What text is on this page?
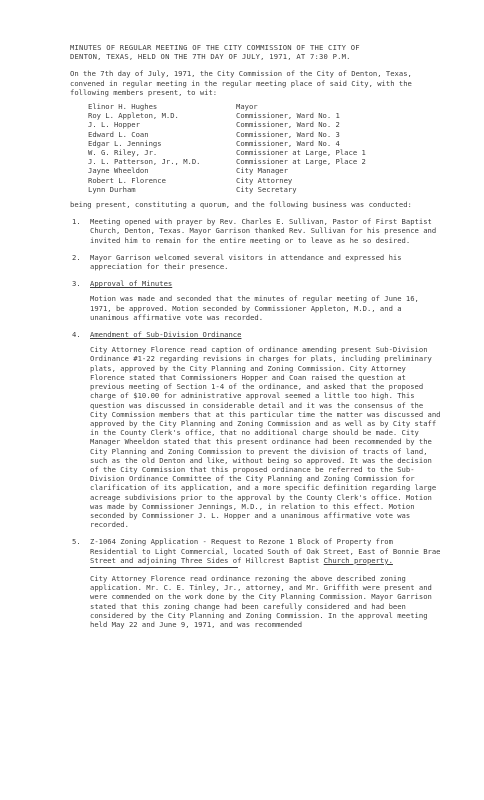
MINUTES OF REGULAR MEETING OF THE CITY COMMISSION OF THE CITY OF
DENTON, TEXAS, HELD ON THE 7TH DAY OF JULY, 1971, AT 7:30 P.M.
On the 7th day of July, 1971, the City Commission of the City of Denton, Texas, convened in regular meeting in the regular meeting place of said City, with the following members present, to wit:
Elinor H. Hughes	Mayor
Roy L. Appleton, M.D.	Commissioner, Ward No. 1
J. L. Hopper	Commissioner, Ward No. 2
Edward L. Coan	Commissioner, Ward No. 3
Edgar L. Jennings	Commissioner, Ward No. 4
W. G. Riley, Jr.	Commissioner at Large, Place 1
J. L. Patterson, Jr., M.D.	Commissioner at Large, Place 2
Jayne Wheeldon	City Manager
Robert L. Florence	City Attorney
Lynn Durham	City Secretary
being present, constituting a quorum, and the following business was conducted:
1.	Meeting opened with prayer by Rev. Charles E. Sullivan, Pastor of First Baptist Church, Denton, Texas. Mayor Garrison thanked Rev. Sullivan for his presence and invited him to remain for the entire meeting or to leave as he so desired.
2.	Mayor Garrison welcomed several visitors in attendance and expressed his appreciation for their presence.
3.	Approval of Minutes
Motion was made and seconded that the minutes of regular meeting of June 16, 1971, be approved. Motion seconded by Commissioner Appleton, M.D., and a unanimous affirmative vote was recorded.
4.	Amendment of Sub-Division Ordinance
City Attorney Florence read caption of ordinance amending present Sub-Division Ordinance #1-22 regarding revisions in charges for plats, including preliminary plats, approved by the City Planning and Zoning Commission. City Attorney Florence stated that Commissioners Hopper and Coan raised the question at previous meeting of Section 1-4 of the ordinance, and asked that the proposed charge of $10.00 for administrative approval seemed a little too high. This question was discussed in considerable detail and it was the consensus of the City Commission members that at this particular time the matter was discussed and approved by the City Planning and Zoning Commission and as well as by City staff in the County Clerk's office, that no additional charge should be made. City Manager Wheeldon stated that this present ordinance had been recommended by the City Planning and Zoning Commission to prevent the division of tracts of land, such as the old Denton and like, without being so approved. It was the decision of the City Commission that this proposed ordinance be referred to the Sub-Division Ordinance Committee of the City Planning and Zoning Commission for clarification of its application, and a more specific definition regarding large acreage subdivisions prior to the approval by the County Clerk's office. Motion was made by Commissioner Jennings, M.D., in relation to this effect. Motion seconded by Commissioner J. L. Hopper and a unanimous affirmative vote was recorded.
5.	Z-1064 Zoning Application - Request to Rezone 1 Block of Property from Residential to Light Commercial, located South of Oak Street, East of Bonnie Brae Street and adjoining Three Sides of Hillcrest Baptist Church property.
City Attorney Florence read ordinance rezoning the above described zoning application. Mr. C. E. Tinley, Jr., attorney, and Mr. Griffith were present and were commended on the work done by the City Planning Commission. Mayor Garrison stated that this zoning change had been carefully considered and had been considered by the City Planning and Zoning Commission. In the approval meeting held May 22 and June 9, 1971, and was recommended
